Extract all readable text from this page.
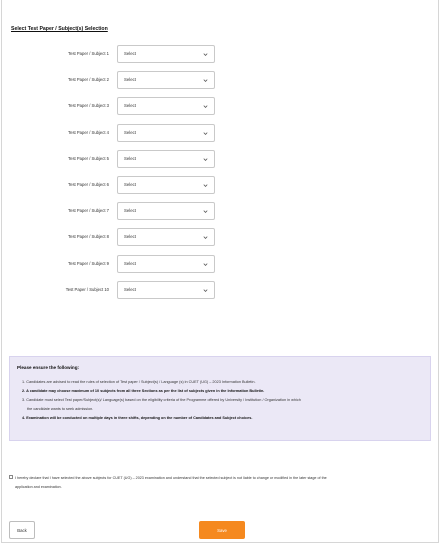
Select Test Paper / Subject(s) Selection
Test Paper / Subject 1	Select
Test Paper / Subject 2	Select
Test Paper / Subject 3	Select
Test Paper / Subject 4	Select
Test Paper / Subject 5	Select
Test Paper / Subject 6	Select
Test Paper / Subject 7	Select
Test Paper / Subject 8	Select
Test Paper / Subject 9	Select
Test Paper / Subject 10	Select
Please ensure the following:
1. Candidates are advised to read the rules of selection of Test paper / Subject(s) / Language (s) in CUET (UG) – 2023 Information Bulletin.
2. A candidate may choose maximum of 10 subjects from all three Sections as per the list of subjects given in the Information Bulletin.
3. Candidate must select Test paper/Subject(s)/ Language(s) based on the eligibility criteria of the Programme offered by University / Institution / Organization in which
the candidate wants to seek admission.
4. Examination will be conducted on multiple days in three shifts, depending on the number of Candidates and Subject choices.
I hereby declare that I have selected the above subjects for CUET (UG) – 2023 examination and understand that the selected subject is not liable to change or modified in the later stage of the
application and examination.
Back	Save
